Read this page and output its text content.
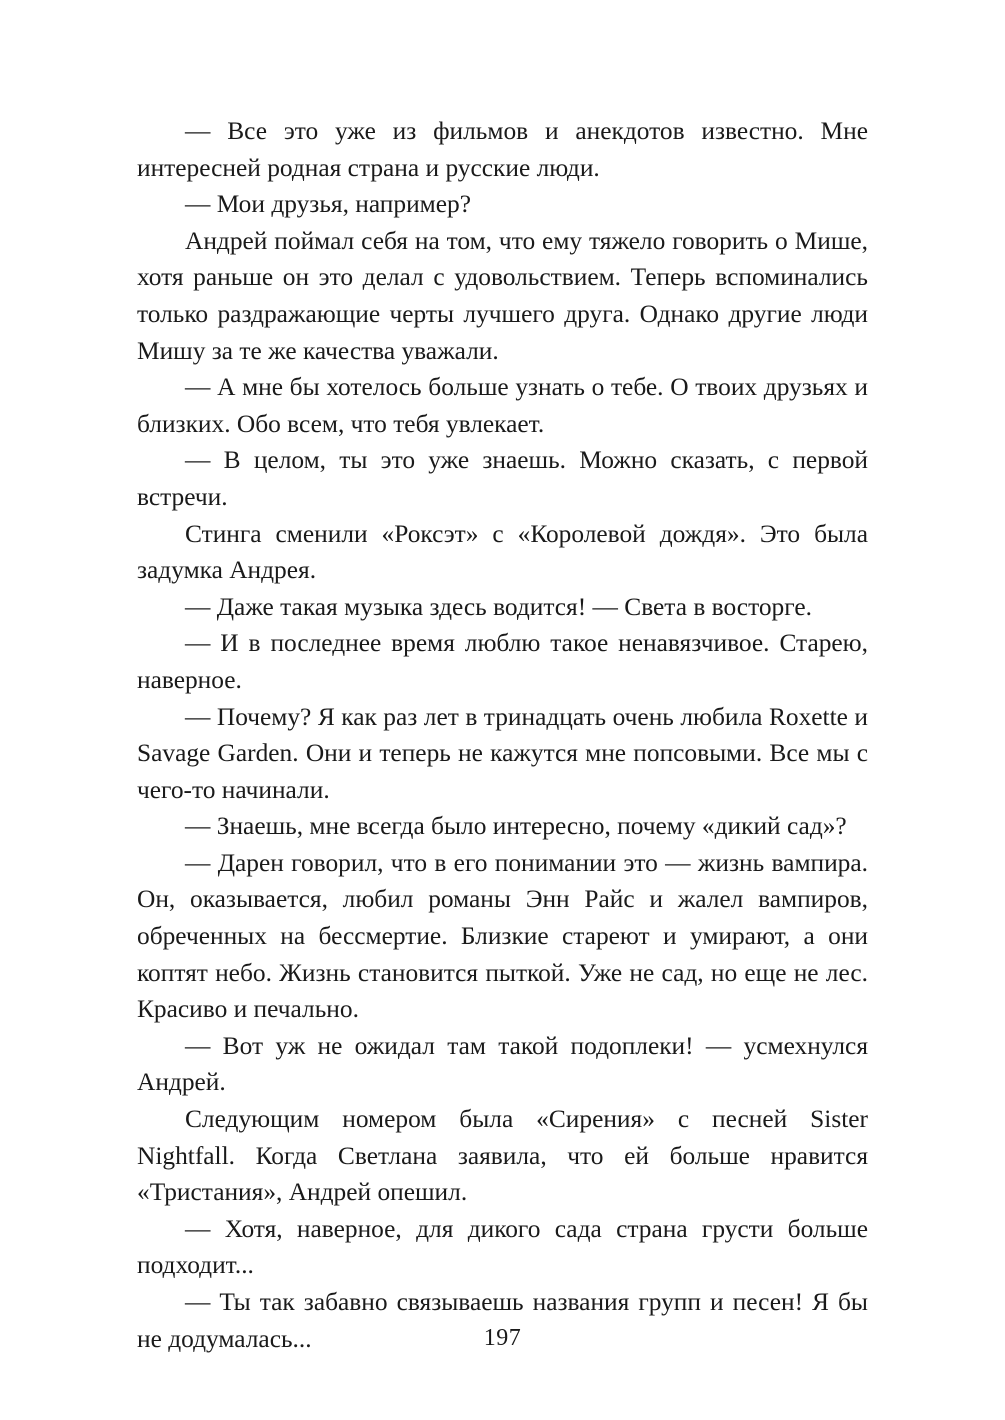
— Все это уже из фильмов и анекдотов известно. Мне интересней родная страна и русские люди.

— Мои друзья, например?

Андрей поймал себя на том, что ему тяжело говорить о Мише, хотя раньше он это делал с удовольствием. Теперь вспоминались только раздражающие черты лучшего друга. Однако другие люди Мишу за те же качества уважали.

— А мне бы хотелось больше узнать о тебе. О твоих друзьях и близких. Обо всем, что тебя увлекает.

— В целом, ты это уже знаешь. Можно сказать, с первой встречи.

Стинга сменили «Роксэт» с «Королевой дождя». Это была задумка Андрея.

— Даже такая музыка здесь водится! — Света в восторге.

— И в последнее время люблю такое ненавязчивое. Старею, наверное.

— Почему? Я как раз лет в тринадцать очень любила Roxette и Savage Garden. Они и теперь не кажутся мне попсовыми. Все мы с чего-то начинали.

— Знаешь, мне всегда было интересно, почему «дикий сад»?

— Дарен говорил, что в его понимании это — жизнь вампира. Он, оказывается, любил романы Энн Райс и жалел вампиров, обреченных на бессмертие. Близкие стареют и умирают, а они коптят небо. Жизнь становится пыткой. Уже не сад, но еще не лес. Красиво и печально.

— Вот уж не ожидал там такой подоплеки! — усмехнулся Андрей.

Следующим номером была «Сирения» с песней Sister Nightfall. Когда Светлана заявила, что ей больше нравится «Тристания», Андрей опешил.

— Хотя, наверное, для дикого сада страна грусти больше подходит...

— Ты так забавно связываешь названия групп и песен! Я бы не додумалась...	197
